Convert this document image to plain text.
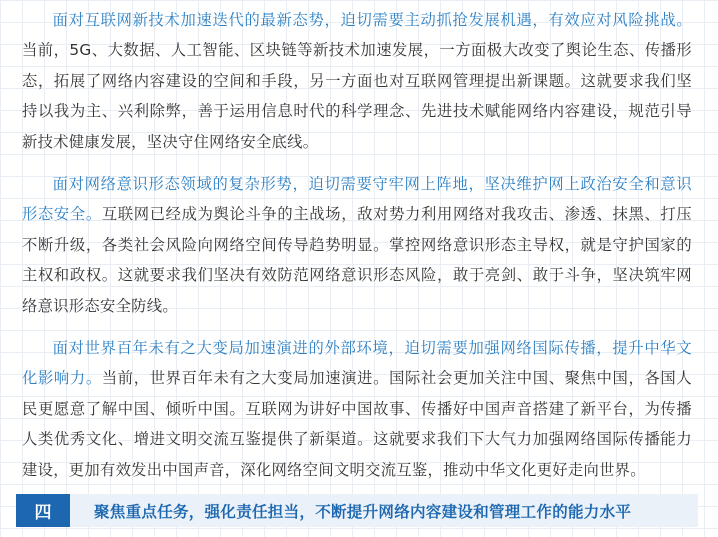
面对互联网新技术加速迭代的最新态势，迫切需要主动抓抢发展机遇，有效应对风险挑战。当前，5G、大数据、人工智能、区块链等新技术加速发展，一方面极大改变了舆论生态、传播形态，拓展了网络内容建设的空间和手段，另一方面也对互联网管理提出新课题。这就要求我们坚持以我为主、兴利除弊，善于运用信息时代的科学理念、先进技术赋能网络内容建设，规范引导新技术健康发展，坚决守住网络安全底线。

面对网络意识形态领域的复杂形势，迫切需要守牢网上阵地，坚决维护网上政治安全和意识形态安全。互联网已经成为舆论斗争的主战场，敌对势力利用网络对我攻击、渗透、抹黑、打压不断升级，各类社会风险向网络空间传导趋势明显。掌控网络意识形态主导权，就是守护国家的主权和政权。这就要求我们坚决有效防范网络意识形态风险，敢于亮剑、敢于斗争，坚决筑牢网络意识形态安全防线。

面对世界百年未有之大变局加速演进的外部环境，迫切需要加强网络国际传播，提升中华文化影响力。当前，世界百年未有之大变局加速演进。国际社会更加关注中国、聚焦中国，各国人民更愿意了解中国、倾听中国。互联网为讲好中国故事、传播好中国声音搭建了新平台，为传播人类优秀文化、增进文明交流互鉴提供了新渠道。这就要求我们下大气力加强网络国际传播能力建设，更加有效发出中国声音，深化网络空间文明交流互鉴，推动中华文化更好走向世界。

四	聚焦重点任务，强化责任担当，不断提升网络内容建设和管理工作的能力水平
